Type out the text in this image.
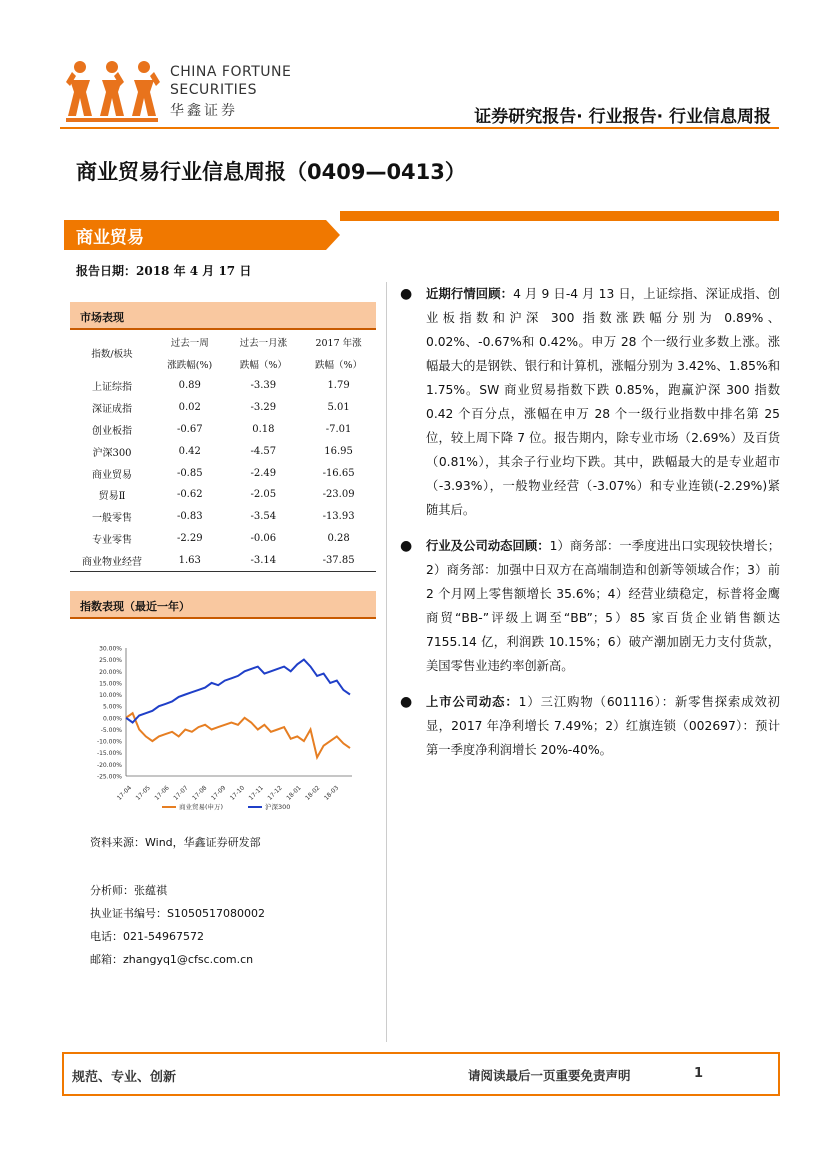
CHINA FORTUNE
SECURITIES
华鑫证券	证券研究报告· 行业报告· 行业信息周报
商业贸易行业信息周报（0409—0413）
商业贸易
报告日期：2018 年 4 月 17 日
市场表现
指数/板块	过去一周	过去一月涨	2017 年涨
	涨跌幅(%)	跌幅（%）	跌幅（%）
上证综指	0.89	-3.39	1.79
深证成指	0.02	-3.29	5.01
创业板指	-0.67	0.18	-7.01
沪深300	0.42	-4.57	16.95
商业贸易	-0.85	-2.49	-16.65
贸易Ⅱ	-0.62	-2.05	-23.09
一般零售	-0.83	-3.54	-13.93
专业零售	-2.29	-0.06	0.28
商业物业经营	1.63	-3.14	-37.85
指数表现（最近一年）
30.00%
25.00%
20.00%
15.00%
10.00%
5.00%
0.00%
-5.00%
-10.00%
-15.00%
-20.00%
-25.00%
17-04 17-05 17-06 17-07 17-08 17-09 17-10 17-11 17-12 18-01 18-02 18-03
商业贸易(申万)	沪深300
资料来源：Wind，华鑫证券研发部
分析师：张蕴祺
执业证书编号：S1050517080002
电话：021-54967572
邮箱：zhangyq1@cfsc.com.cn
● 近期行情回顾：4 月 9 日-4 月 13 日，上证综指、深证成指、创业板指数和沪深 300 指数涨跌幅分别为 0.89%、0.02%、-0.67%和 0.42%。申万 28 个一级行业多数上涨。涨幅最大的是钢铁、银行和计算机，涨幅分别为 3.42%、1.85%和 1.75%。SW 商业贸易指数下跌 0.85%，跑赢沪深 300 指数 0.42 个百分点，涨幅在申万 28 个一级行业指数中排名第 25 位，较上周下降 7 位。报告期内，除专业市场（2.69%）及百货（0.81%），其余子行业均下跌。其中，跌幅最大的是专业超市（-3.93%），一般物业经营（-3.07%）和专业连锁(-2.29%)紧随其后。
● 行业及公司动态回顾：1）商务部：一季度进出口实现较快增长；2）商务部：加强中日双方在高端制造和创新等领域合作；3）前 2 个月网上零售额增长 35.6%；4）经营业绩稳定，标普将金鹰商贸“BB-”评级上调至“BB”；5）85 家百货企业销售额达 7155.14 亿，利润跌 10.15%；6）破产潮加剧无力支付货款，美国零售业违约率创新高。
● 上市公司动态：1）三江购物（601116）：新零售探索成效初显，2017 年净利增长 7.49%；2）红旗连锁（002697）：预计第一季度净利润增长 20%-40%。
规范、专业、创新	请阅读最后一页重要免责声明	1
